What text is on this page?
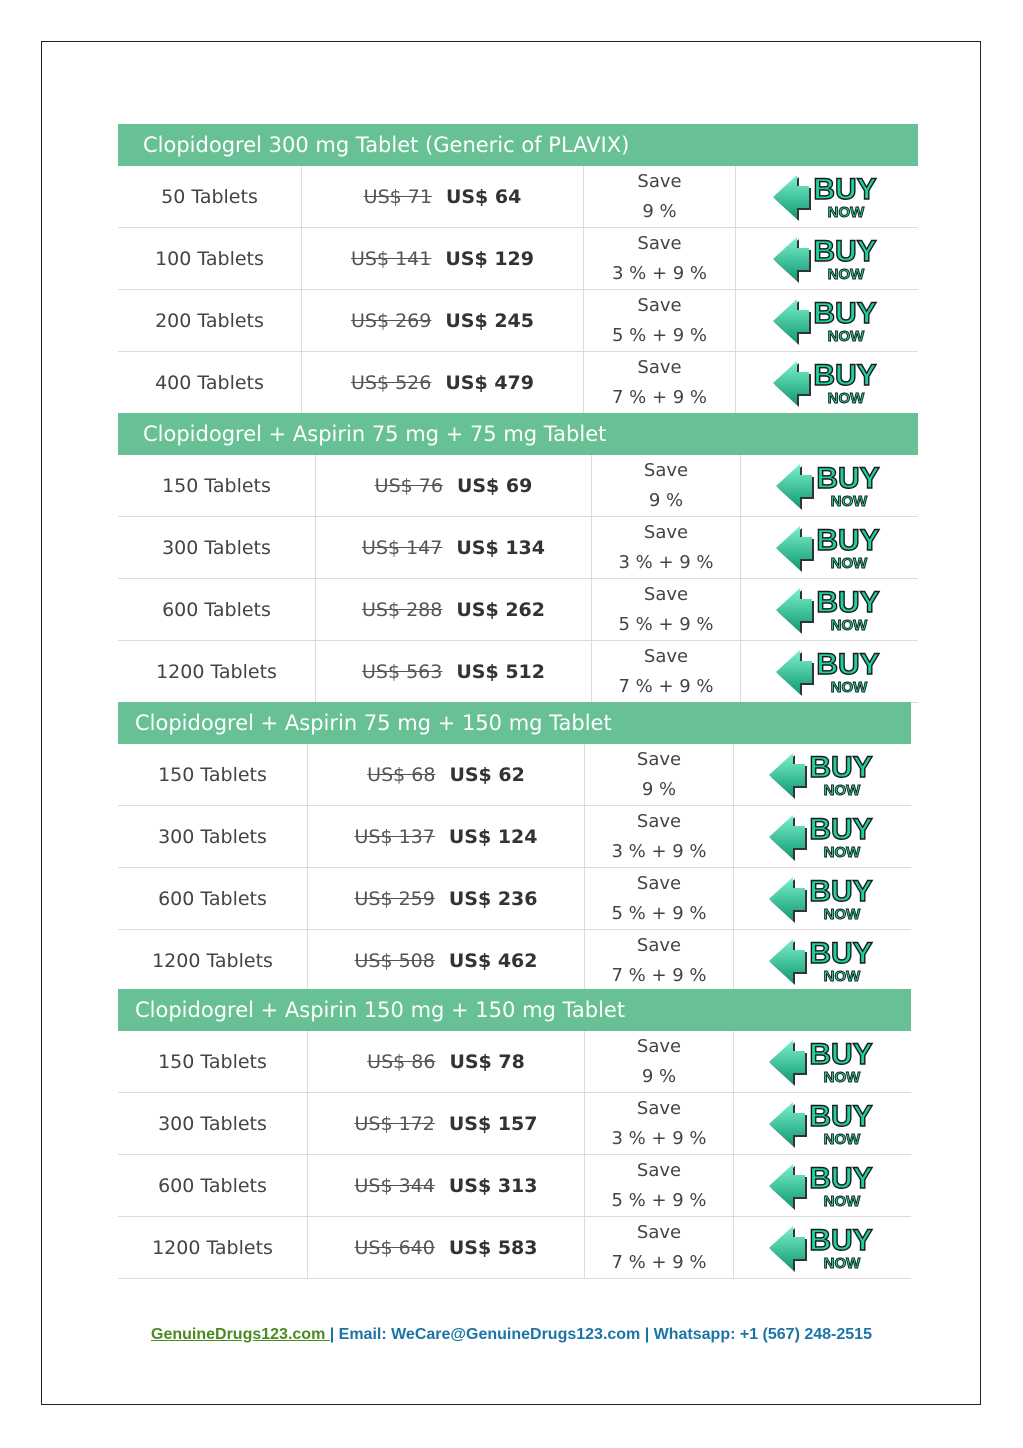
Clopidogrel 300 mg Tablet (Generic of PLAVIX)
50 Tablets	US$ 71 US$ 64
Save
9 %
BUY
NOW
100 Tablets	US$ 141 US$ 129
Save
3 % + 9 %
BUY
NOW
200 Tablets	US$ 269 US$ 245
Save
5 % + 9 %
BUY
NOW
400 Tablets	US$ 526 US$ 479
Save
7 % + 9 %
BUY
NOW
Clopidogrel + Aspirin 75 mg + 75 mg Tablet
150 Tablets	US$ 76 US$ 69
Save
9 %
BUY
NOW
300 Tablets	US$ 147 US$ 134
Save
3 % + 9 %
BUY
NOW
600 Tablets	US$ 288 US$ 262
Save
5 % + 9 %
BUY
NOW
1200 Tablets	US$ 563 US$ 512
Save
7 % + 9 %
BUY
NOW
Clopidogrel + Aspirin 75 mg + 150 mg Tablet
150 Tablets	US$ 68 US$ 62
Save
9 %
BUY
NOW
300 Tablets	US$ 137 US$ 124
Save
3 % + 9 %
BUY
NOW
600 Tablets	US$ 259 US$ 236
Save
5 % + 9 %
BUY
NOW
1200 Tablets	US$ 508 US$ 462
Save
7 % + 9 %
BUY
NOW
Clopidogrel + Aspirin 150 mg + 150 mg Tablet
150 Tablets	US$ 86 US$ 78
Save
9 %
BUY
NOW
300 Tablets	US$ 172 US$ 157
Save
3 % + 9 %
BUY
NOW
600 Tablets	US$ 344 US$ 313
Save
5 % + 9 %
BUY
NOW
1200 Tablets	US$ 640 US$ 583
Save
7 % + 9 %
BUY
NOW
GenuineDrugs123.com | Email: WeCare@GenuineDrugs123.com | Whatsapp: +1 (567) 248-2515
